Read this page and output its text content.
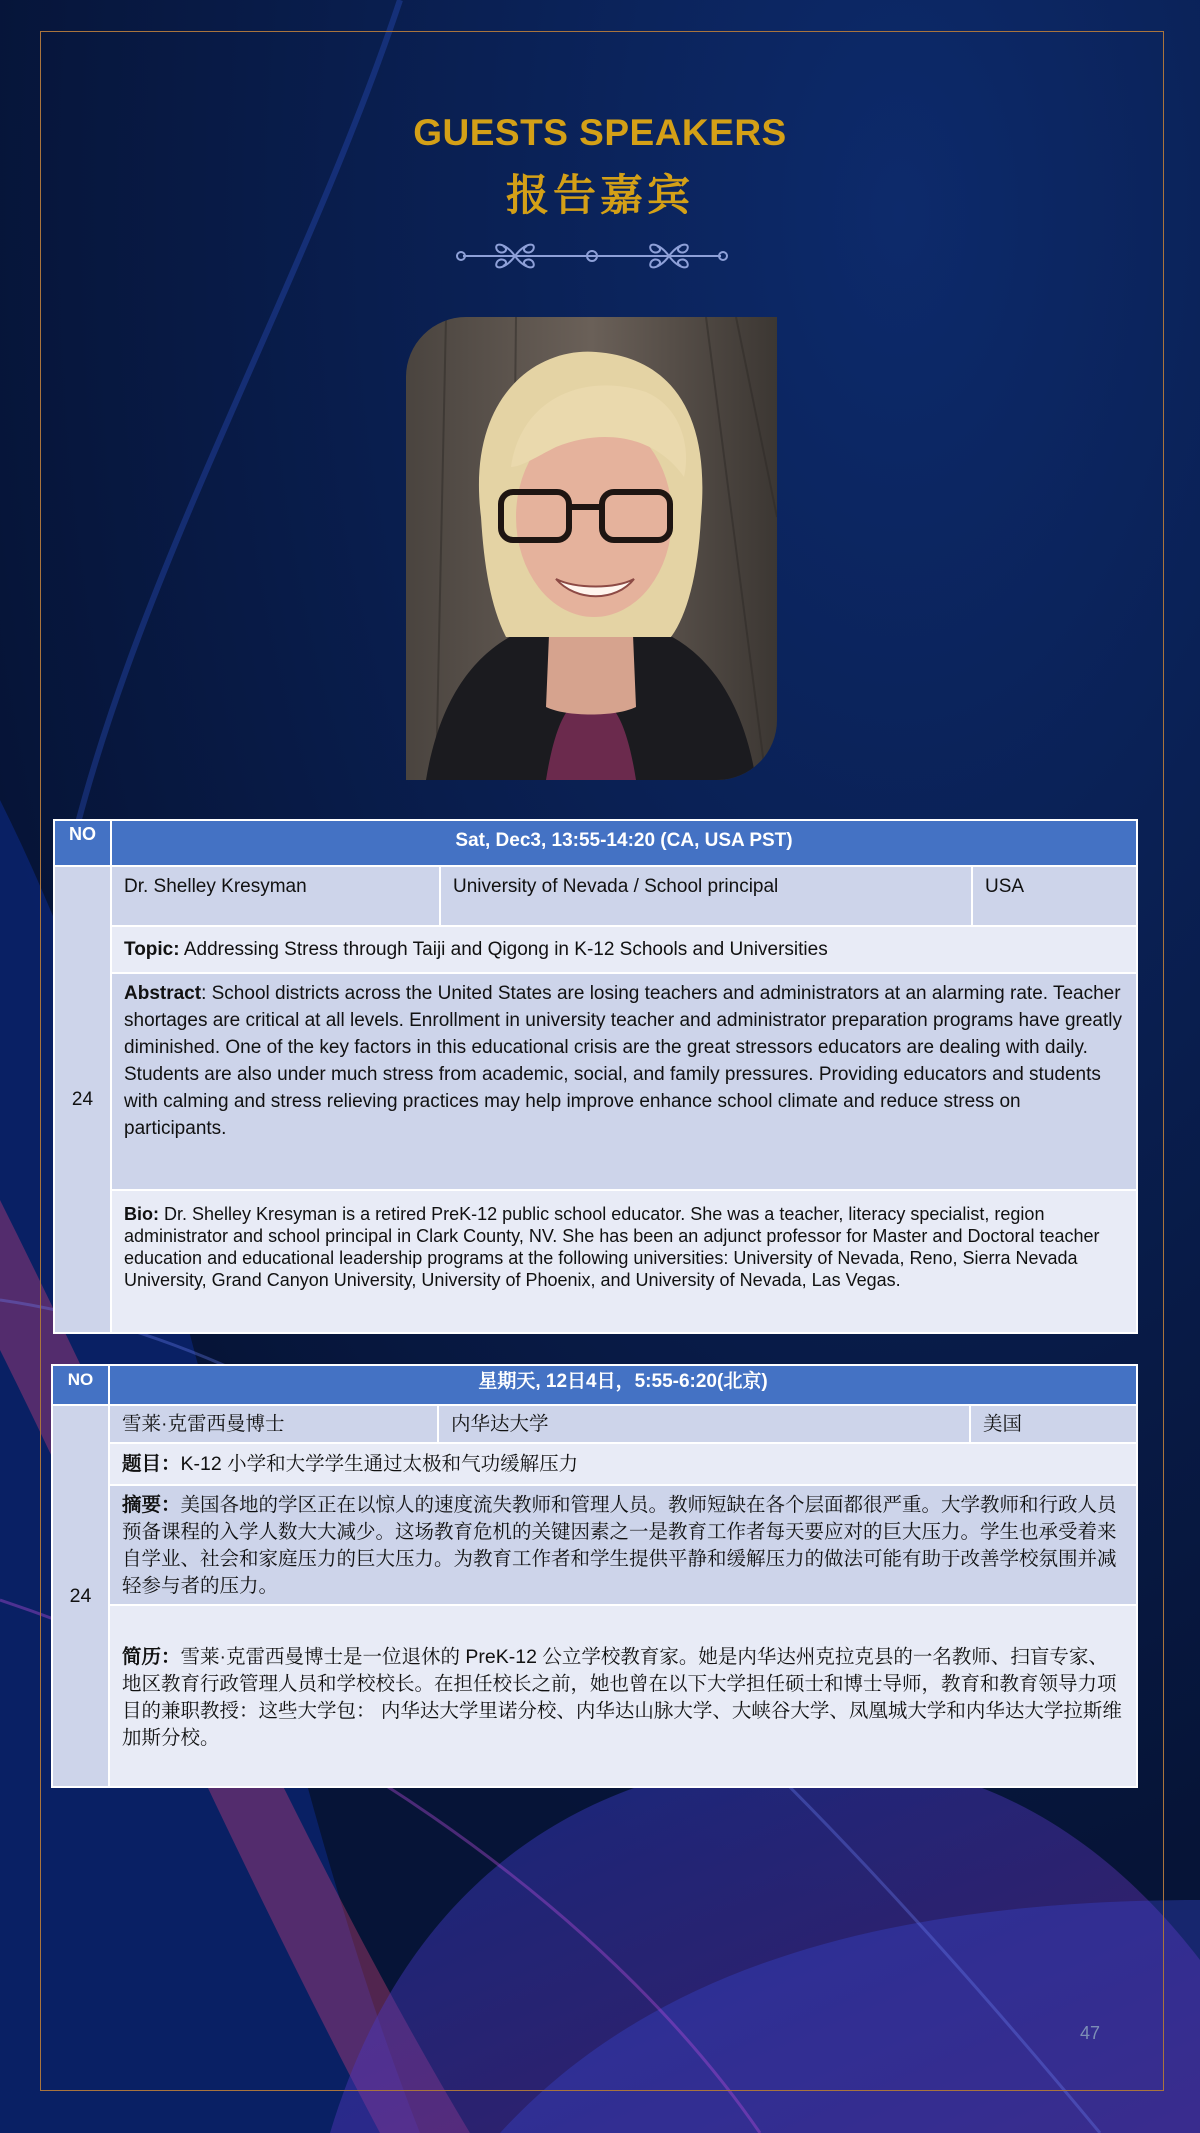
GUESTS SPEAKERS
报告嘉宾
NO	Sat, Dec3, 13:55-14:20 (CA, USA PST)		
24	Dr. Shelley Kresyman	University of Nevada / School principal	USA
	Topic: Addressing Stress through Taiji and Qigong in K-12 Schools and Universities		
	Abstract: School districts across the United States are losing teachers and administrators at an alarming rate. Teacher shortages are critical at all levels. Enrollment in university teacher and administrator preparation programs have greatly diminished. One of the key factors in this educational crisis are the great stressors educators are dealing with daily. Students are also under much stress from academic, social, and family pressures. Providing educators and students with calming and stress relieving practices may help improve enhance school climate and reduce stress on participants.		
	Bio: Dr. Shelley Kresyman is a retired PreK-12 public school educator. She was a teacher, literacy specialist, region administrator and school principal in Clark County, NV. She has been an adjunct professor for Master and Doctoral teacher education and educational leadership programs at the following universities: University of Nevada, Reno, Sierra Nevada University, Grand Canyon University, University of Phoenix, and University of Nevada, Las Vegas.		
NO	星期天, 12日4日，5:55-6:20(北京)		
24	雪莱·克雷西曼博士	内华达大学	美国
	题目：K-12 小学和大学学生通过太极和气功缓解压力		
	摘要：美国各地的学区正在以惊人的速度流失教师和管理人员。教师短缺在各个层面都很严重。大学教师和行政人员预备课程的入学人数大大减少。这场教育危机的关键因素之一是教育工作者每天要应对的巨大压力。学生也承受着来自学业、社会和家庭压力的巨大压力。为教育工作者和学生提供平静和缓解压力的做法可能有助于改善学校氛围并减轻参与者的压力。		
	简历：雪莱·克雷西曼博士是一位退休的 PreK-12 公立学校教育家。她是内华达州克拉克县的一名教师、扫盲专家、地区教育行政管理人员和学校校长。在担任校长之前，她也曾在以下大学担任硕士和博士导师，教育和教育领导力项目的兼职教授：这些大学包： 内华达大学里诺分校、内华达山脉大学、大峡谷大学、凤凰城大学和内华达大学拉斯维加斯分校。		
47
